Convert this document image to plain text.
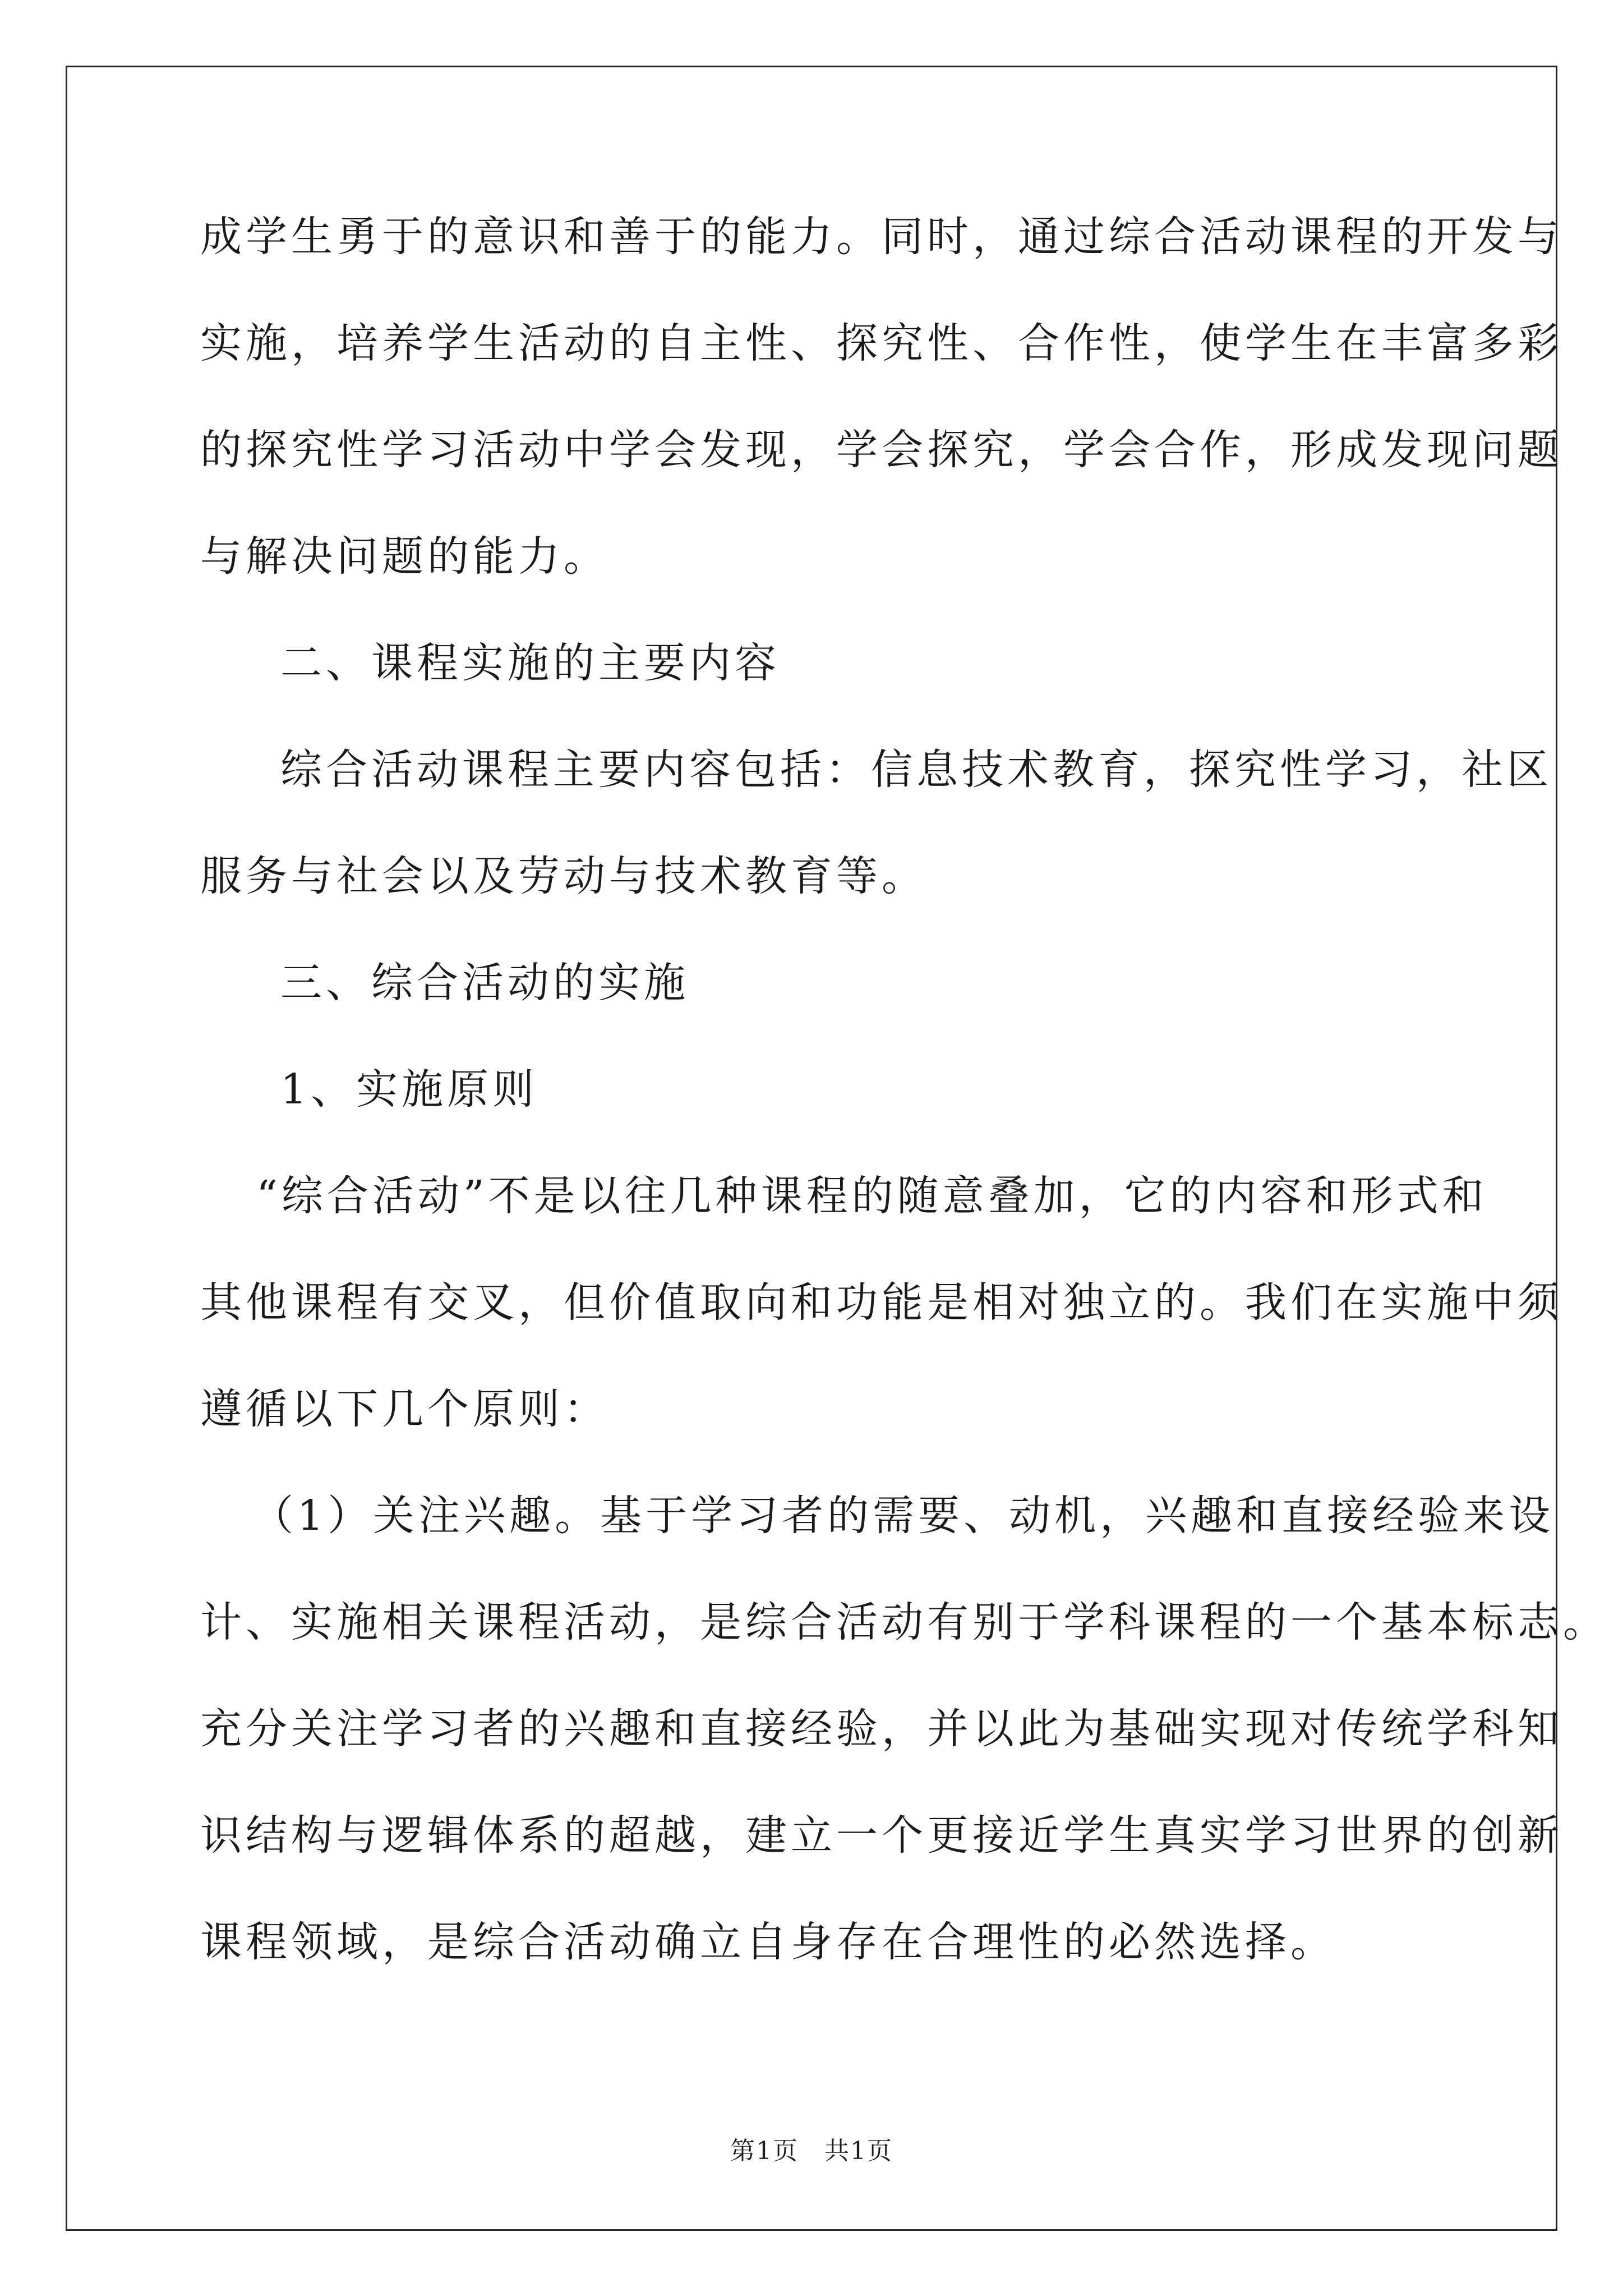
成学生勇于的意识和善于的能力。同时，通过综合活动课程的开发与
实施，培养学生活动的自主性、探究性、合作性，使学生在丰富多彩
的探究性学习活动中学会发现，学会探究，学会合作，形成发现问题
与解决问题的能力。
二、课程实施的主要内容
综合活动课程主要内容包括：信息技术教育，探究性学习，社区
服务与社会以及劳动与技术教育等。
三、综合活动的实施
1、实施原则
“综合活动”不是以往几种课程的随意叠加，它的内容和形式和
其他课程有交叉，但价值取向和功能是相对独立的。我们在实施中须
遵循以下几个原则：
（1）关注兴趣。基于学习者的需要、动机，兴趣和直接经验来设
计、实施相关课程活动，是综合活动有别于学科课程的一个基本标志。
充分关注学习者的兴趣和直接经验，并以此为基础实现对传统学科知
识结构与逻辑体系的超越，建立一个更接近学生真实学习世界的创新
课程领域，是综合活动确立自身存在合理性的必然选择。
第1页　共1页
